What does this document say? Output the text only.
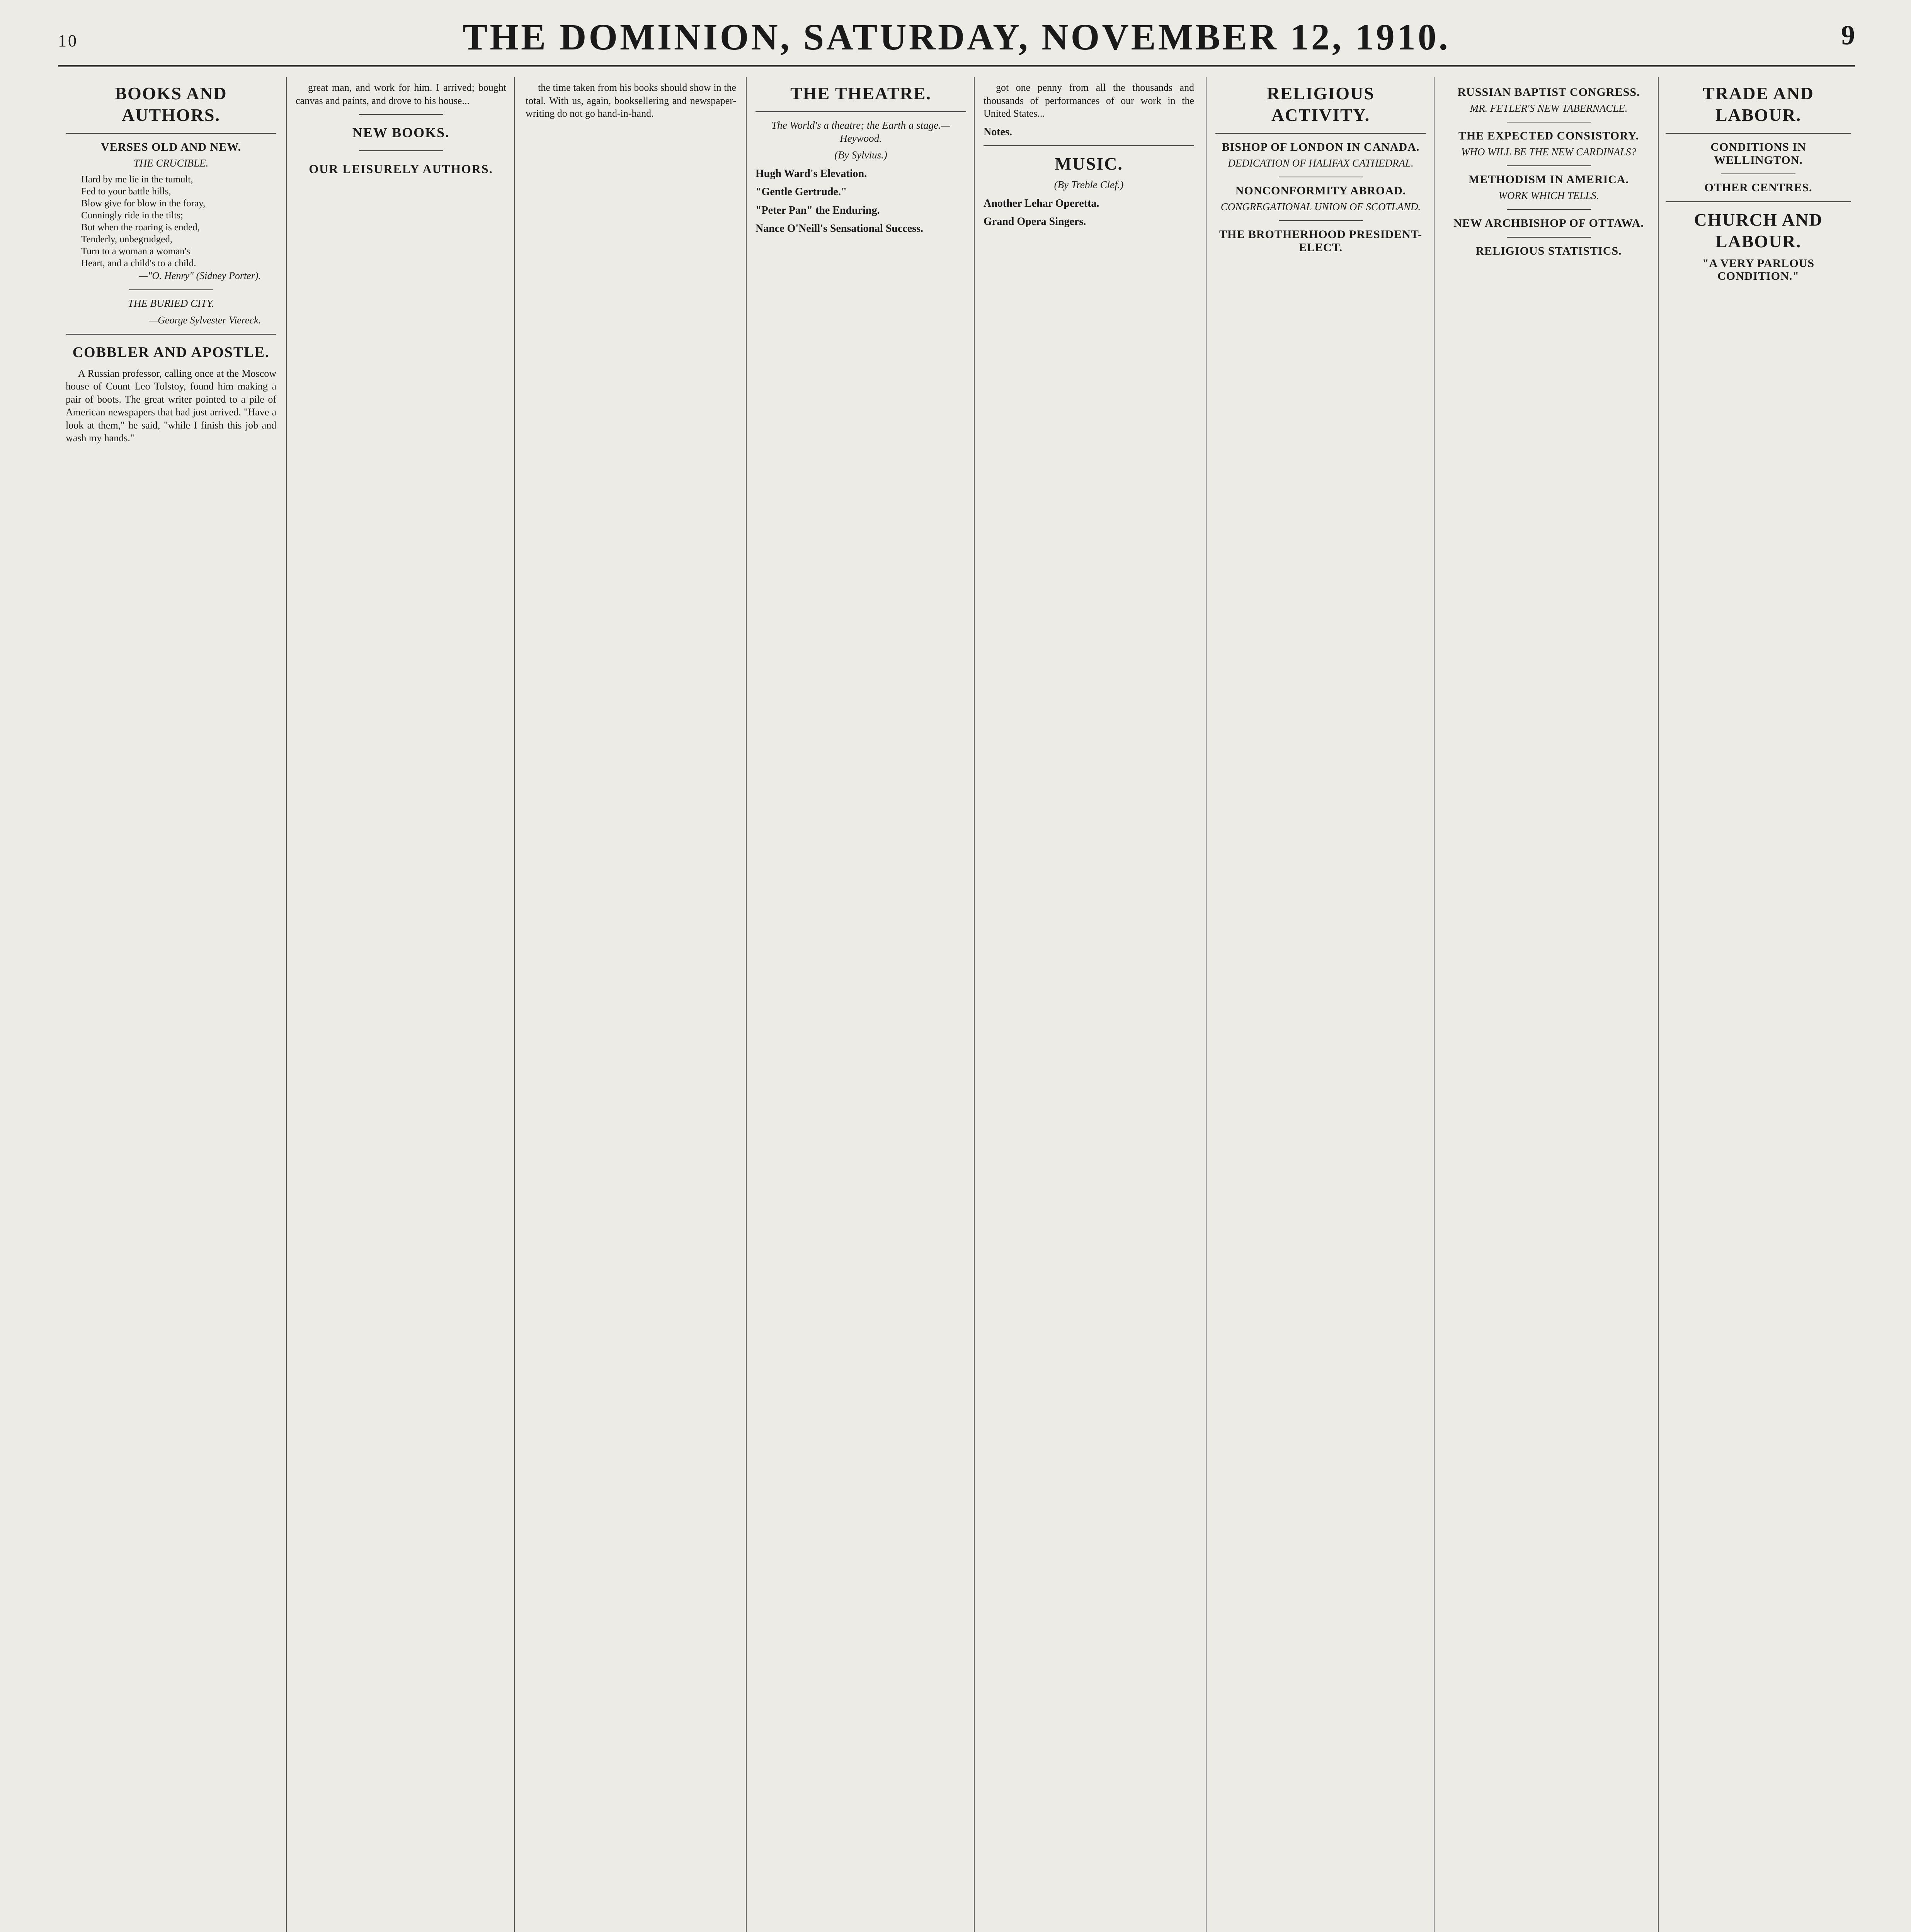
10	THE DOMINION, SATURDAY, NOVEMBER 12, 1910.	9
BOOKS AND AUTHORS.
VERSES OLD AND NEW.
THE CRUCIBLE.
Hard by me lie in the tumult,
Fed to your battle hills,
Blow give for blow in the foray,
Cunningly ride in the tilts;
But when the roaring is ended,
Tenderly, unbegrudged,
Turn to a woman a woman's
Heart, and a child's to a child.
—"O. Henry" (Sidney Porter).
THE BURIED CITY.
—George Sylvester Viereck.
COBBLER AND APOSTLE.

A Russian professor, calling once at the Moscow house of Count Leo Tolstoy, found him making a pair of boots. The great writer pointed to a pile of American newspapers that had just arrived. "Have a look at them," he said, "while I finish this job and wash my hands."

great man, and work for him. I arrived; bought canvas and paints, and drove to his house...

NEW BOOKS.
OUR LEISURELY AUTHORS.

the time taken from his books should show in the total. With us, again, booksellering and newspaper-writing do not go hand-in-hand.

THE THEATRE.
The World's a theatre; the Earth a stage.—Heywood.
(By Sylvius.)
Hugh Ward's Elevation.
"Gentle Gertrude."
"Peter Pan" the Enduring.
Nance O'Neill's Sensational Success.

got one penny from all the thousands and thousands of performances of our work in the United States...

Notes.
MUSIC.
(By Treble Clef.)
Another Lehar Operetta.
Grand Opera Singers.
RELIGIOUS ACTIVITY.
BISHOP OF LONDON IN CANADA.
DEDICATION OF HALIFAX CATHEDRAL.
NONCONFORMITY ABROAD.
CONGREGATIONAL UNION OF SCOTLAND.
THE BROTHERHOOD PRESIDENT-ELECT.
RUSSIAN BAPTIST CONGRESS.
MR. FETLER'S NEW TABERNACLE.
THE EXPECTED CONSISTORY.
WHO WILL BE THE NEW CARDINALS?
METHODISM IN AMERICA.
WORK WHICH TELLS.
NEW ARCHBISHOP OF OTTAWA.
RELIGIOUS STATISTICS.
TRADE AND LABOUR.
CONDITIONS IN WELLINGTON.
OTHER CENTRES.
CHURCH AND LABOUR.
"A VERY PARLOUS CONDITION."
